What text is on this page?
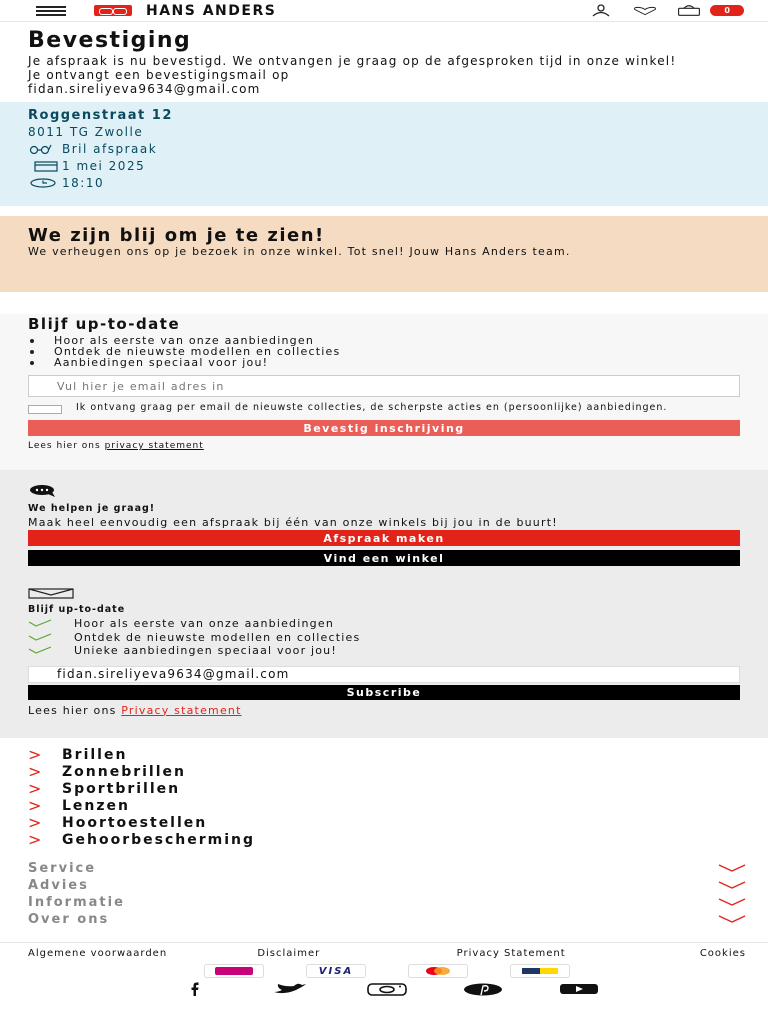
HANS ANDERS	0
Bevestiging

Je afspraak is nu bevestigd. We ontvangen je graag op de afgesproken tijd in onze winkel!

Je ontvangt een bevestigingsmail op

fidan.sireliyeva9634@gmail.com

Roggenstraat 12
8011 TG Zwolle
Bril afspraak
1 mei 2025
18:10
We zijn blij om je te zien!

We verheugen ons op je bezoek in onze winkel. Tot snel! Jouw Hans Anders team.

Blijf up-to-date
Hoor als eerste van onze aanbiedingen
Ontdek de nieuwste modellen en collecties
Aanbiedingen speciaal voor jou!
Vul hier je email adres in
Ik ontvang graag per email de nieuwste collecties, de scherpste acties en (persoonlijke) aanbiedingen.
Bevestig inschrijving
Lees hier ons privacy statement
We helpen je graag!
Maak heel eenvoudig een afspraak bij één van onze winkels bij jou in de buurt!
Afspraak maken
Vind een winkel
Blijf up-to-date
Hoor als eerste van onze aanbiedingen
Ontdek de nieuwste modellen en collecties
Unieke aanbiedingen speciaal voor jou!
fidan.sireliyeva9634@gmail.com
Subscribe
Lees hier ons Privacy statement
>	Brillen
>	Zonnebrillen
>	Sportbrillen
>	Lenzen
>	Hoortoestellen
>	Gehoorbescherming
Service
Advies
Informatie
Over ons
Algemene voorwaarden	Disclaimer	Privacy Statement	Cookies
VISA
